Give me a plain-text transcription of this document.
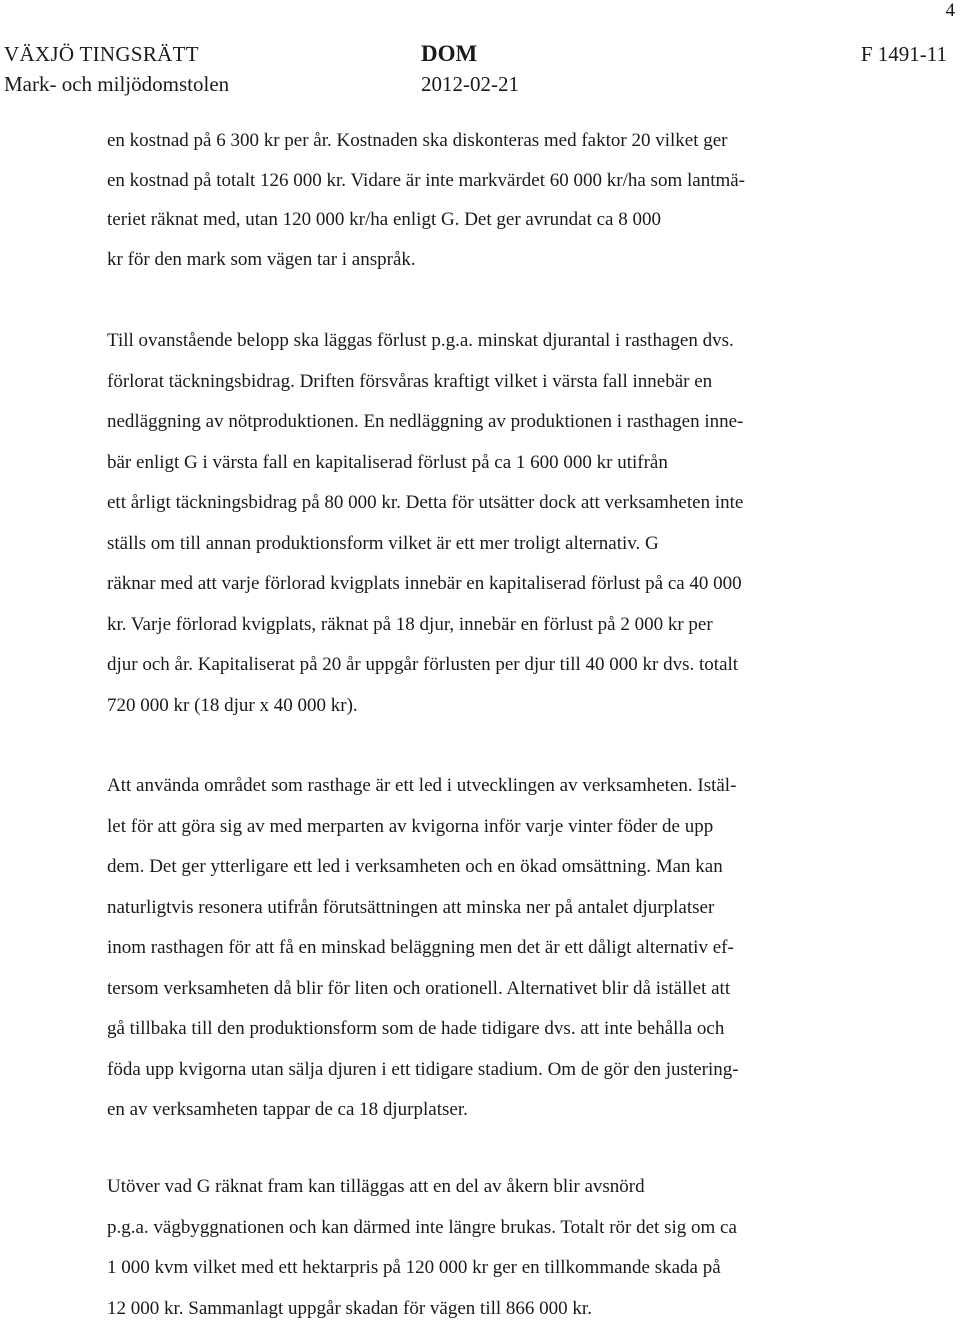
4
VÄXJÖ TINGSRÄTT
Mark- och miljödomstolen
DOM
2012-02-21
F 1491-11
en kostnad på 6 300 kr per år. Kostnaden ska diskonteras med faktor 20 vilket ger
en kostnad på totalt 126 000 kr. Vidare är inte markvärdet 60 000 kr/ha som lantmä-
teriet räknat med, utan 120 000 kr/ha enligt G. Det ger avrundat ca 8 000
kr för den mark som vägen tar i anspråk.
Till ovanstående belopp ska läggas förlust p.g.a. minskat djurantal i rasthagen dvs.
förlorat täckningsbidrag. Driften försvåras kraftigt vilket i värsta fall innebär en
nedläggning av nötproduktionen. En nedläggning av produktionen i rasthagen inne-
bär enligt G i värsta fall en kapitaliserad förlust på ca 1 600 000 kr utifrån
ett årligt täckningsbidrag på 80 000 kr. Detta för utsätter dock att verksamheten inte
ställs om till annan produktionsform vilket är ett mer troligt alternativ. G
räknar med att varje förlorad kvigplats innebär en kapitaliserad förlust på ca 40 000
kr. Varje förlorad kvigplats, räknat på 18 djur, innebär en förlust på 2 000 kr per
djur och år. Kapitaliserat på 20 år uppgår förlusten per djur till 40 000 kr dvs. totalt
720 000 kr (18 djur x 40 000 kr).
Att använda området som rasthage är ett led i utvecklingen av verksamheten. Istäl-
let för att göra sig av med merparten av kvigorna inför varje vinter föder de upp
dem. Det ger ytterligare ett led i verksamheten och en ökad omsättning. Man kan
naturligtvis resonera utifrån förutsättningen att minska ner på antalet djurplatser
inom rasthagen för att få en minskad beläggning men det är ett dåligt alternativ ef-
tersom verksamheten då blir för liten och orationell. Alternativet blir då istället att
gå tillbaka till den produktionsform som de hade tidigare dvs. att inte behålla och
föda upp kvigorna utan sälja djuren i ett tidigare stadium. Om de gör den justering-
en av verksamheten tappar de ca 18 djurplatser.
Utöver vad G räknat fram kan tilläggas att en del av åkern blir avsnörd
p.g.a. vägbyggnationen och kan därmed inte längre brukas. Totalt rör det sig om ca
1 000 kvm vilket med ett hektarpris på 120 000 kr ger en tillkommande skada på
12 000 kr. Sammanlagt uppgår skadan för vägen till 866 000 kr.
